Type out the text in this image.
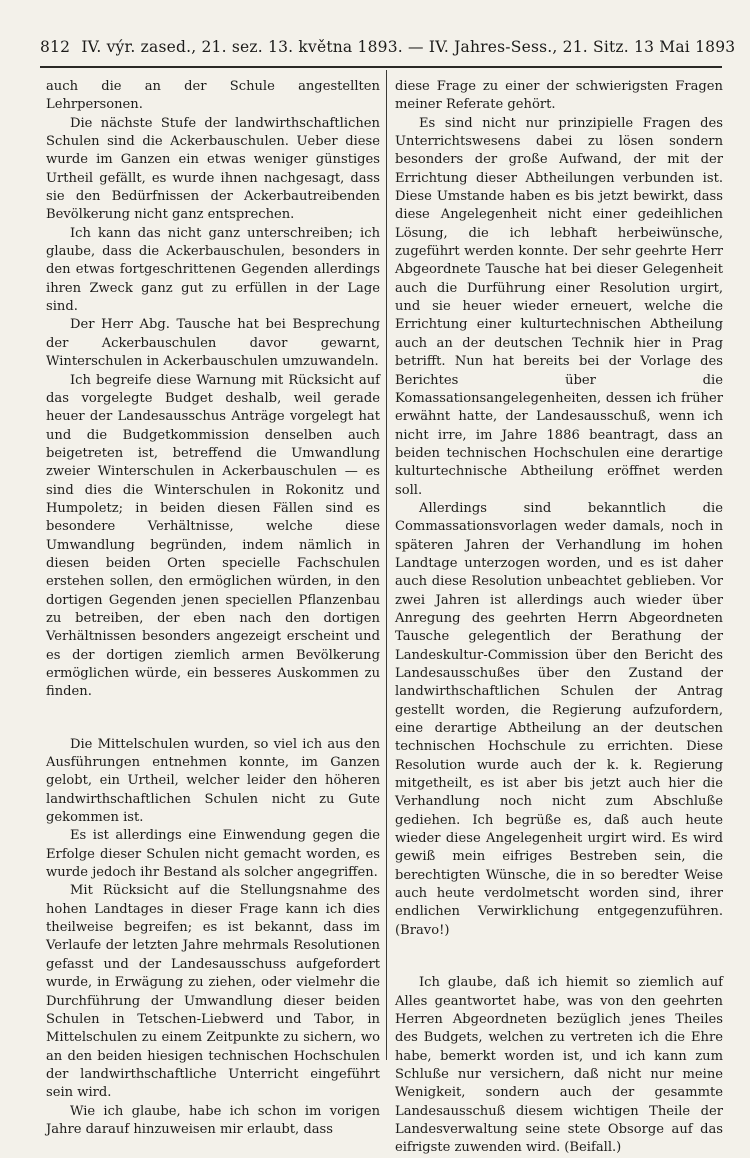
812 IV. výr. zased., 21. sez. 13. května 1893. — IV. Jahres-Sess., 21. Sitz. 13 Mai 1893

auch die an der Schule angestellten Lehrpersonen.

Die nächste Stufe der landwirthschaftlichen Schulen sind die Ackerbauschulen. Ueber diese wurde im Ganzen ein etwas weniger günstiges Urtheil gefällt, es wurde ihnen nachgesagt, dass sie den Bedürfnissen der Ackerbautreibenden Bevölkerung nicht ganz entsprechen.

Ich kann das nicht ganz unterschreiben; ich glaube, dass die Ackerbauschulen, besonders in den etwas fortgeschrittenen Gegenden allerdings ihren Zweck ganz gut zu erfüllen in der Lage sind.

Der Herr Abg. Tausche hat bei Besprechung der Ackerbauschulen davor gewarnt, Winterschulen in Ackerbauschulen umzuwandeln.

Ich begreife diese Warnung mit Rücksicht auf das vorgelegte Budget deshalb, weil gerade heuer der Landesausschus Anträge vorgelegt hat und die Budgetkommission denselben auch beigetreten ist, betreffend die Umwandlung zweier Winterschulen in Ackerbauschulen — es sind dies die Winterschulen in Rokonitz und Humpoletz; in beiden diesen Fällen sind es besondere Verhältnisse, welche diese Umwandlung begründen, indem nämlich in diesen beiden Orten specielle Fachschulen erstehen sollen, den ermöglichen würden, in den dortigen Gegenden jenen speciellen Pflanzenbau zu betreiben, der eben nach den dortigen Verhältnissen besonders angezeigt erscheint und es der dortigen ziemlich armen Bevölkerung ermöglichen würde, ein besseres Auskommen zu finden.

Die Mittelschulen wurden, so viel ich aus den Ausführungen entnehmen konnte, im Ganzen gelobt, ein Urtheil, welcher leider den höheren landwirthschaftlichen Schulen nicht zu Gute gekommen ist.

Es ist allerdings eine Einwendung gegen die Erfolge dieser Schulen nicht gemacht worden, es wurde jedoch ihr Bestand als solcher angegriffen.

Mit Rücksicht auf die Stellungsnahme des hohen Landtages in dieser Frage kann ich dies theilweise begreifen; es ist bekannt, dass im Verlaufe der letzten Jahre mehrmals Resolutionen gefasst und der Landesausschuss aufgefordert wurde, in Erwägung zu ziehen, oder vielmehr die Durchführung der Umwandlung dieser beiden Schulen in Tetschen-Liebwerd und Tabor, in Mittelschulen zu einem Zeitpunkte zu sichern, wo an den beiden hiesigen technischen Hochschulen der landwirthschaftliche Unterricht eingeführt sein wird.

Wie ich glaube, habe ich schon im vorigen Jahre darauf hinzuweisen mir erlaubt, dass

diese Frage zu einer der schwierigsten Fragen meiner Referate gehört.

Es sind nicht nur prinzipielle Fragen des Unterrichtswesens dabei zu lösen sondern besonders der große Aufwand, der mit der Errichtung dieser Abtheilungen verbunden ist. Diese Umstande haben es bis jetzt bewirkt, dass diese Angelegenheit nicht einer gedeihlichen Lösung, die ich lebhaft herbeiwünsche, zugeführt werden konnte. Der sehr geehrte Herr Abgeordnete Tausche hat bei dieser Gelegenheit auch die Durführung einer Resolution urgirt, und sie heuer wieder erneuert, welche die Errichtung einer kulturtechnischen Abtheilung auch an der deutschen Technik hier in Prag betrifft. Nun hat bereits bei der Vorlage des Berichtes über die Komassationsangelegenheiten, dessen ich früher erwähnt hatte, der Landesausschuß, wenn ich nicht irre, im Jahre 1886 beantragt, dass an beiden technischen Hochschulen eine derartige kulturtechnische Abtheilung eröffnet werden soll.

Allerdings sind bekanntlich die Commassationsvorlagen weder damals, noch in späteren Jahren der Verhandlung im hohen Landtage unterzogen worden, und es ist daher auch diese Resolution unbeachtet geblieben. Vor zwei Jahren ist allerdings auch wieder über Anregung des geehrten Herrn Abgeordneten Tausche gelegentlich der Berathung der Landeskultur-Commission über den Bericht des Landesausschußes über den Zustand der landwirthschaftlichen Schulen der Antrag gestellt worden, die Regierung aufzufordern, eine derartige Abtheilung an der deutschen technischen Hochschule zu errichten. Diese Resolution wurde auch der k. k. Regierung mitgetheilt, es ist aber bis jetzt auch hier die Verhandlung noch nicht zum Abschluße gediehen. Ich begrüße es, daß auch heute wieder diese Angelegenheit urgirt wird. Es wird gewiß mein eifriges Bestreben sein, die berechtigten Wünsche, die in so beredter Weise auch heute verdolmetscht worden sind, ihrer endlichen Verwirklichung entgegenzuführen. (Bravo!)

Ich glaube, daß ich hiemit so ziemlich auf Alles geantwortet habe, was von den geehrten Herren Abgeordneten bezüglich jenes Theiles des Budgets, welchen zu vertreten ich die Ehre habe, bemerkt worden ist, und ich kann zum Schluße nur versichern, daß nicht nur meine Wenigkeit, sondern auch der gesammte Landesausschuß diesem wichtigen Theile der Landesverwaltung seine stete Obsorge auf das eifrigste zuwenden wird. (Beifall.)
